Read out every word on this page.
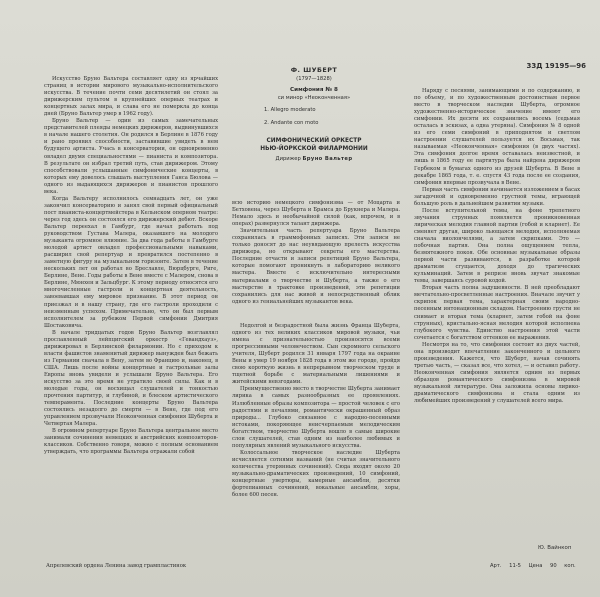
33Д 19195—96

Искусство Бруно Вальтера составляет одну из ярчайших страниц в истории мирового музыкально-исполнительского искусства. В течение почти семи десятилетий он стоял за дирижерским пультом в крупнейших оперных театрах и концертных залах мира, и слава его не померкла до конца дней (Бруно Вальтер умер в 1962 году).

Бруно Вальтер — один из самых замечательных представителей плеяды немецких дирижеров, выдвинувшихся в начале нашего столетия. Он родился в Берлине в 1876 году и рано проявил способности, заставившие увидеть в нем будущего артиста. Учась в консерватории, он одновременно овладел двумя специальностями — пианиста и композитора. В результате он избрал третий путь, став дирижером. Этому способствовали услышанные симфонические концерты, в которых ему довелось слышать выступления Ганса Бюлова — одного из выдающихся дирижеров и пианистов прошлого века.

Когда Вальтеру исполнилось семнадцать лет, он уже закончил консерваторию и занял свой первый официальный пост пианиста-концертмейстера в Кельнском оперном театре: через год здесь он состоялся его дирижерский дебют. Вскоре Вальтер переехал в Гамбург, где начал работать под руководством Густава Малера, оказавшего на молодого музыканта огромное влияние. За два года работы в Гамбурге молодой артист овладел профессиональными навыками, расширил свой репертуар и превратился постепенно в заметную фигуру на музыкальном горизонте. Затем в течение нескольких лет он работал во Бреславле, Вюрцбурге, Риге, Берлине, Вене. Годы работы в Вене вместе с Малером, снова в Берлине, Мюнхен и Зальцбург. К этому периоду относятся его многочисленные гастроли и концертная деятельность, завоевавшая ему мировое признание. В этот период он приезжал и в нашу страну, где его гастроли проходили с неизменным успехом. Примечательно, что он был первым исполнителем за рубежом Первой симфонии Дмитрия Шостаковича.

В начале тридцатых годов Бруно Вальтер возглавлял прославленный лейпцигский оркестр «Гевандхауз», дирижировал в Берлинской филармонии. Но с приходом к власти фашистов знаменитый дирижер вынужден был бежать из Германии сначала в Вену, затем во Францию и, наконец, в США. Лишь после войны концертные и гастрольные залы Европы вновь увидели и услышали Бруно Вальтера. Его искусство за это время не утратило своей силы. Как и в молодые годы, он восхищал слушателей и тонкостью прочтения партитур, и глубиной, и блеском артистического темперамента. Последние концерты Бруно Вальтера состоялись незадолго до смерти — в Вене, где под его управлением прозвучали Неоконченная симфония Шуберта и Четвертая Малера.

В огромном репертуаре Бруно Вальтера центральное место занимали сочинения немецких и австрийских композиторов-классиков. Собственно говоря, можно с полным основанием утверждать, что программы Вальтера отражали собой

Ф. ШУБЕРТ
(1797—1828)
Симфония № 8
си минор «Неоконченная»
1. Allegro moderato
2. Andante con moto
СИМФОНИЧЕСКИЙ ОРКЕСТР
НЬЮ-ЙОРКСКОЙ ФИЛАРМОНИИ
Дирижер Бруно Вальтер

всю историю немецкого симфонизма — от Моцарта и Бетховена, через Шуберта и Брамса до Брукнера и Малера. Немало здесь и необычайной силой (как, впрочем, и в операх) развернулся талант дирижера.

Значительная часть репертуара Бруно Вальтера сохранилась в граммофонных записях. Эти записи не только доносят до нас неувядающую прелесть искусства дирижера, но открывают секреты его мастерства. Последние отчасти и записи репетиций Бруно Вальтера, которые помогают проникнуть в лабораторию великого мастера. Вместе с исключительно интересными материалами о творчестве и Шуберта, а также о его мастерстве в трактовке произведений, эти репетиции сохранились для нас живой и непосредственный облик одного из гениальнейших музыкантов века.

Недолгой и безрадостной была жизнь Франца Шуберта, одного из тех великих классиков мировой музыки, чьи имена с признательностью произносятся всеми прогрессивными человечеством. Сын скромного сельского учителя, Шуберт родился 31 января 1797 года на окраине Вены и умер 19 ноября 1828 года в этом же городе, пройдя свою короткую жизнь в непрерывном творческом труде и тщетной борьбе с материальными лишениями и житейскими невзгодами.

Преимущественно место в творчестве Шуберта занимает лирика в самых разнообразных ее проявлениях. Излюбленные образы композитора — простой человек с его радостями и печалями, романтически окрашенный образ природы... Глубоко связанное с народно-песенными истоками, покоряющее неисчерпаемым мелодическим богатством, творчество Шуберта вошло в самые широкие слои слушателей, став одним из наиболее любимых и популярных явлений музыкального искусства.

Колоссальное творческое наследие Шуберта исчисляется сотнями названий (не считая значительного количества утерянных сочинений). Сюда входят около 20 музыкально-драматических произведений, 10 симфоний, концертные увертюры, камерные ансамбли, десятки фортепианных сочинений, вокальные ансамбли, хоры, более 600 песен.

Наряду с песнями, занимающими и по содержанию, и по объему, и по художественным достоинствам первое место в творческом наследии Шуберта, огромное художественно-историческое значение имеют его симфонии. Их десяти их сохранились восемь (седьмая осталась в эскизах, а одна утеряна). Симфония № 8 одной из его семи симфоний в приподнятом и светлом настроении слушателей пользуется их Восьмая, так называемая «Неоконченная» симфония (в двух частях). Эта симфония долгое время оставалась неизвестной, и лишь в 1865 году ее партитура была найдена дирижером Гербеком в бумагах одного из друзей Шуберта. В Вене в декабре 1865 года, т. е. спустя 43 года после ее создания, симфония впервые прозвучала в Вене.

Первая часть симфонии начинается изложением в басах загадочной и одновременно грустной темы, играющей большую роль в дальнейшем развитии музыки.

После вступительной темы, на фоне трепетного звучания струнных появляется проникновенная лирическая мелодия главной партии (гобой и кларнет). Ее сменяет другая, широко льющаяся мелодия, исполняемая сначала виолончелями, а затем скрипками. Это — побочная партия. Она полна ощущением тепла, безмятежного покоя. Обе основные музыкальные образы первой части развиваются, в разработке которой драматизм сгущается, доходя до трагических кульминаций. Затем в репризе вновь звучат знакомые темы, завершаясь суровой кодой.

Вторая часть полна задушевности. В ней преобладают мечтательно-просветленные настроения. Вначале звучит у скрипок первая тема, характерная своим народно-песенным интонационным складом. Настроению грусти не снимает и вторая тема (кларнет, затем гобой на фоне струнных), кристально-ясная мелодия которой исполнена глубокого чувства. Единство настроения этой части сочетается с богатством оттенков ее выражения.

Несмотря на то, что симфония состоит из двух частей, она производит впечатление законченного и цельного произведения. Кажется, что Шуберт, начав сочинять третью часть, — сказал все, что хотел, — и оставил работу. Неоконченная симфония является одним из первых образцов романтического симфонизма в мировой музыкальной литературе. Она заложила основы лирико-драматического симфонизма и стала одним из любимейших произведений у слушателей всего мира.

Ю. Вайнкоп
Апрелевский ордена Ленина завод грампластинок	Арт. 11-5 Цена 90 коп.
